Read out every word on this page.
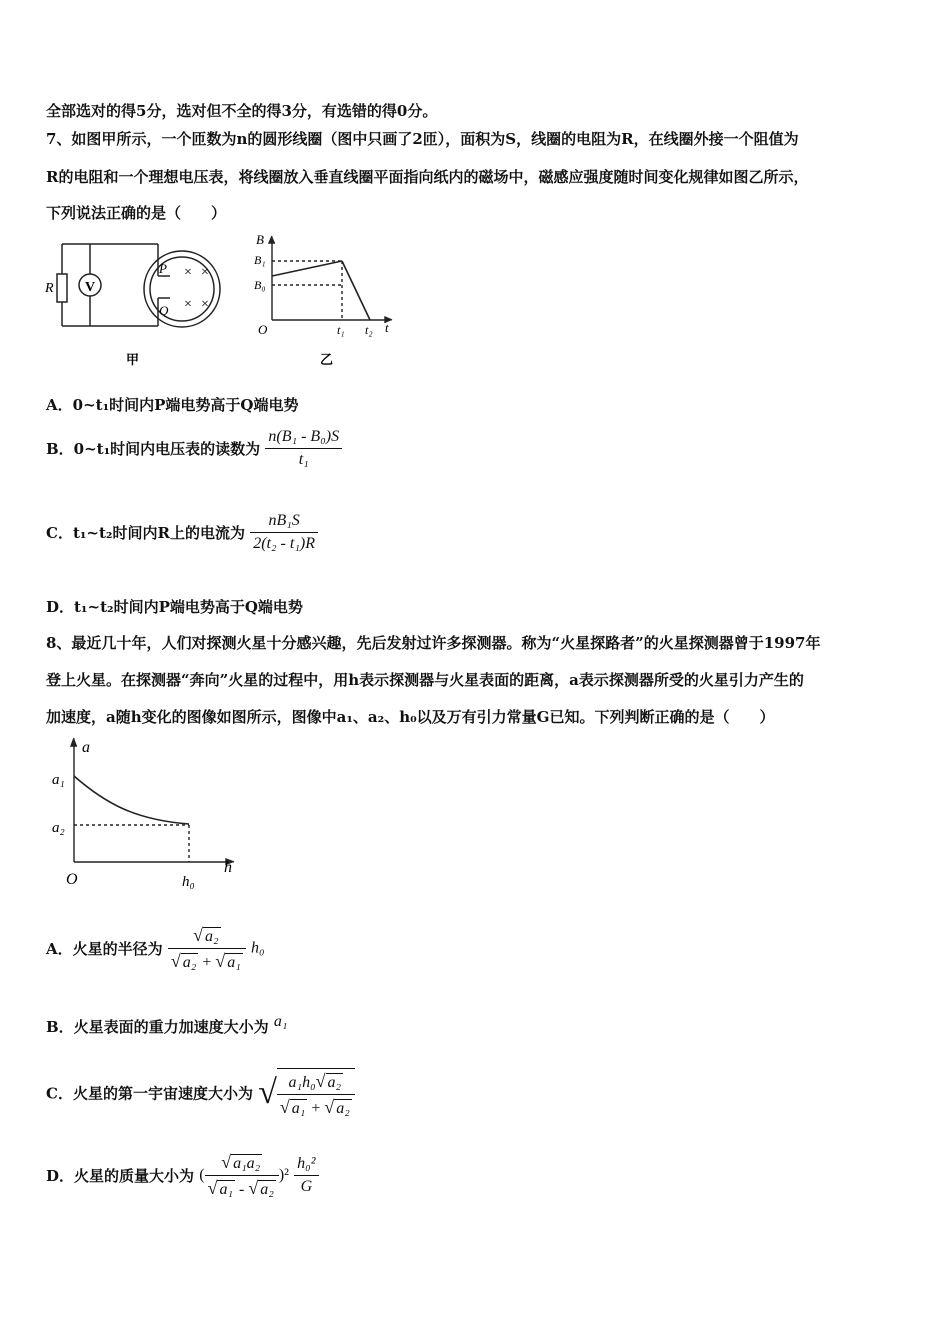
全部选对的得5分，选对但不全的得3分，有选错的得0分。
7、如图甲所示，一个匝数为n的圆形线圈（图中只画了2匝），面积为S，线圈的电阻为R，在线圈外接一个阻值为
R的电阻和一个理想电压表，将线圈放入垂直线圈平面指向纸内的磁场中，磁感应强度随时间变化规律如图乙所示，
下列说法正确的是（　　）
V
R
P
Q
× ×
× ×
甲
B
B₁
B₀
O	t₁ t₂ t
乙
A．0~t₁时间内P端电势高于Q端电势
B．0~t₁时间内电压表的读数为 $\frac{\text{n(B₁ - B₀)S}}{\text{t₁}}$
C．t₁~t₂时间内R上的电流为 $\frac{\text{nB₁S}}{\text{2(t₂ - t₁)R}}$
D．t₁~t₂时间内P端电势高于Q端电势
8、最近几十年，人们对探测火星十分感兴趣，先后发射过许多探测器。称为“火星探路者”的火星探测器曾于1997年
登上火星。在探测器“奔向”火星的过程中，用h表示探测器与火星表面的距离，a表示探测器所受的火星引力产生的
加速度，a随h变化的图像如图所示，图像中a₁、a₂、h₀以及万有引力常量G已知。下列判断正确的是（　　）
a
a₁
a₂
O	h₀
h
A．火星的半径为 $\frac{\text{√ a₂}}{\text{√ a₂ + √ a₁}} h_0$
B．火星表面的重力加速度大小为 a₁
C．火星的第一宇宙速度大小为 √ $\frac{\text{a₁h₀√ a₂}}{\text{√ a₁ + √ a₂}}$
D．火星的质量大小为 ( $\frac{\text{√ a₁a₂}}{\text{√ a₁ - √ a₂}} )^2 \frac{\text{h₀²}}{G}$
